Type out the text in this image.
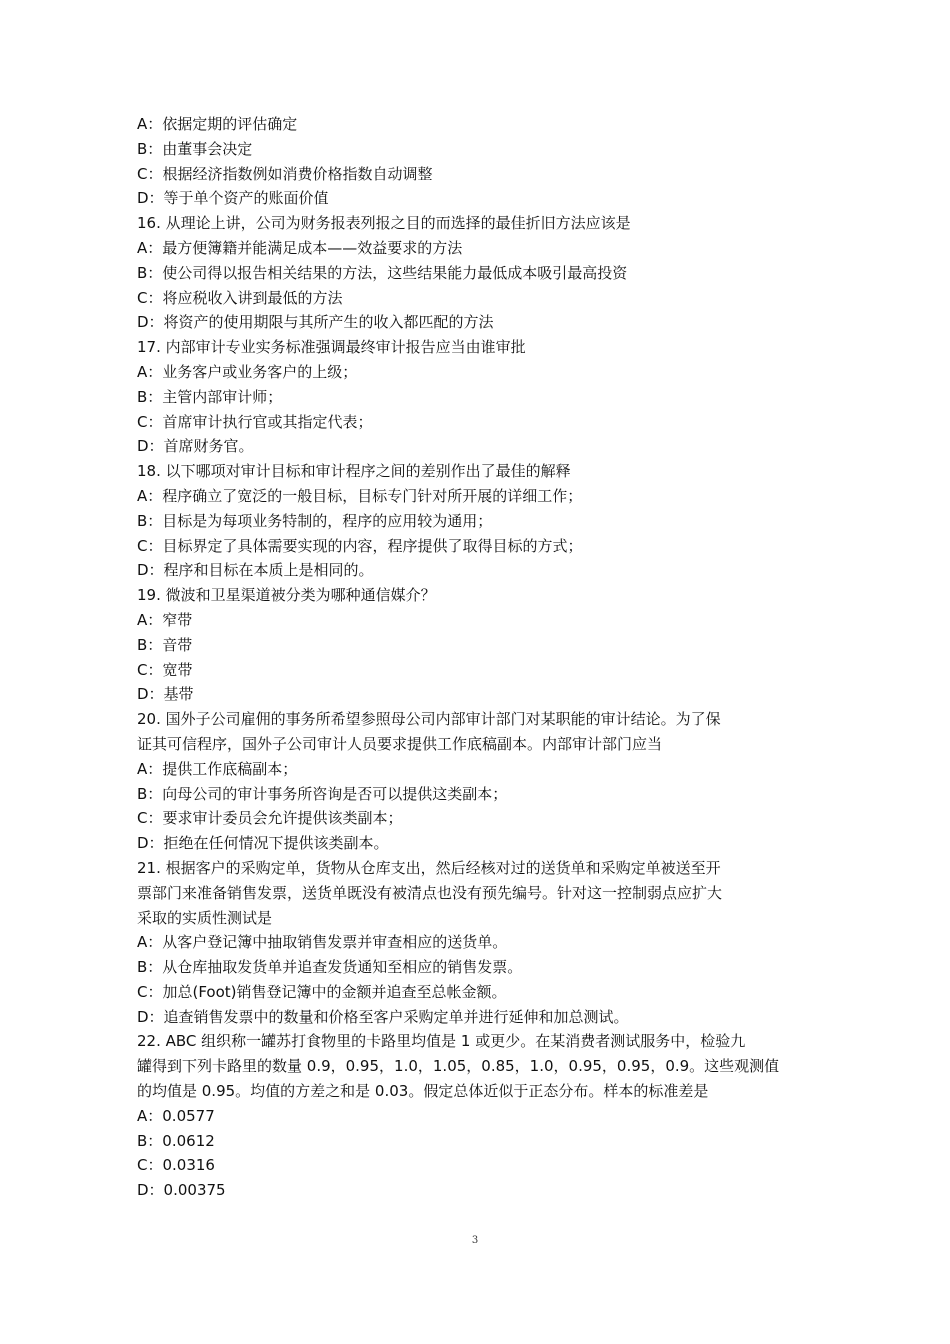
A：依据定期的评估确定
B：由董事会决定
C：根据经济指数例如消费价格指数自动调整
D：等于单个资产的账面价值
16. 从理论上讲，公司为财务报表列报之目的而选择的最佳折旧方法应该是
A：最方便簿籍并能满足成本——效益要求的方法
B：使公司得以报告相关结果的方法，这些结果能力最低成本吸引最高投资
C：将应税收入讲到最低的方法
D：将资产的使用期限与其所产生的收入都匹配的方法
17. 内部审计专业实务标准强调最终审计报告应当由谁审批
A：业务客户或业务客户的上级；
B：主管内部审计师；
C：首席审计执行官或其指定代表；
D：首席财务官。
18. 以下哪项对审计目标和审计程序之间的差别作出了最佳的解释
A：程序确立了宽泛的一般目标，目标专门针对所开展的详细工作；
B：目标是为每项业务特制的，程序的应用较为通用；
C：目标界定了具体需要实现的内容，程序提供了取得目标的方式；
D：程序和目标在本质上是相同的。
19. 微波和卫星渠道被分类为哪种通信媒介？
A：窄带
B：音带
C：宽带
D：基带
20. 国外子公司雇佣的事务所希望参照母公司内部审计部门对某职能的审计结论。为了保
证其可信程序，国外子公司审计人员要求提供工作底稿副本。内部审计部门应当
A：提供工作底稿副本；
B：向母公司的审计事务所咨询是否可以提供这类副本；
C：要求审计委员会允许提供该类副本；
D：拒绝在任何情况下提供该类副本。
21. 根据客户的采购定单，货物从仓库支出，然后经核对过的送货单和采购定单被送至开
票部门来准备销售发票，送货单既没有被清点也没有预先编号。针对这一控制弱点应扩大
采取的实质性测试是
A：从客户登记簿中抽取销售发票并审查相应的送货单。
B：从仓库抽取发货单并追查发货通知至相应的销售发票。
C：加总(Foot)销售登记簿中的金额并追查至总帐金额。
D：追查销售发票中的数量和价格至客户采购定单并进行延伸和加总测试。
22. ABC 组织称一罐苏打食物里的卡路里均值是 1 或更少。在某消费者测试服务中，检验九
罐得到下列卡路里的数量 0.9，0.95，1.0，1.05，0.85，1.0，0.95，0.95，0.9。这些观测值
的均值是 0.95。均值的方差之和是 0.03。假定总体近似于正态分布。样本的标准差是
A：0.0577
B：0.0612
C：0.0316
D：0.00375
3
